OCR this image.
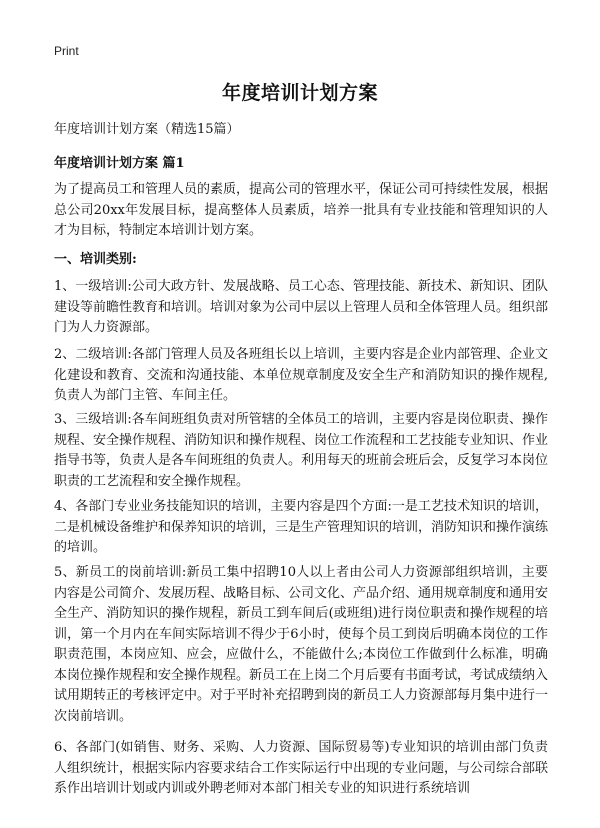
Print
年度培训计划方案
年度培训计划方案（精选15篇）
年度培训计划方案 篇1

为了提高员工和管理人员的素质，提高公司的管理水平，保证公司可持续性发展，根据总公司20xx年发展目标，提高整体人员素质，培养一批具有专业技能和管理知识的人才为目标，特制定本培训计划方案。

一、培训类别:

1、一级培训:公司大政方针、发展战略、员工心态、管理技能、新技术、新知识、团队建设等前瞻性教育和培训。培训对象为公司中层以上管理人员和全体管理人员。组织部门为人力资源部。

2、二级培训:各部门管理人员及各班组长以上培训，主要内容是企业内部管理、企业文化建设和教育、交流和沟通技能、本单位规章制度及安全生产和消防知识的操作规程,负责人为部门主管、车间主任。

3、三级培训:各车间班组负责对所管辖的全体员工的培训，主要内容是岗位职责、操作规程、安全操作规程、消防知识和操作规程、岗位工作流程和工艺技能专业知识、作业指导书等，负责人是各车间班组的负责人。利用每天的班前会班后会，反复学习本岗位职责的工艺流程和安全操作规程。

4、各部门专业业务技能知识的培训，主要内容是四个方面:一是工艺技术知识的培训，二是机械设备维护和保养知识的培训，三是生产管理知识的培训，消防知识和操作演练的培训。

5、新员工的岗前培训:新员工集中招聘10人以上者由公司人力资源部组织培训，主要内容是公司简介、发展历程、战略目标、公司文化、产品介绍、通用规章制度和通用安全生产、消防知识的操作规程，新员工到车间后(或班组)进行岗位职责和操作规程的培训，第一个月内在车间实际培训不得少于6小时，使每个员工到岗后明确本岗位的工作职责范围，本岗应知、应会，应做什么，不能做什么;本岗位工作做到什么标准，明确本岗位操作规程和安全操作规程。新员工在上岗二个月后要有书面考试，考试成绩纳入试用期转正的考核评定中。对于平时补充招聘到岗的新员工人力资源部每月集中进行一次岗前培训。

6、各部门(如销售、财务、采购、人力资源、国际贸易等)专业知识的培训由部门负责人组织统计，根据实际内容要求结合工作实际运行中出现的专业问题，与公司综合部联系作出培训计划或内训或外聘老师对本部门相关专业的知识进行系统培训
